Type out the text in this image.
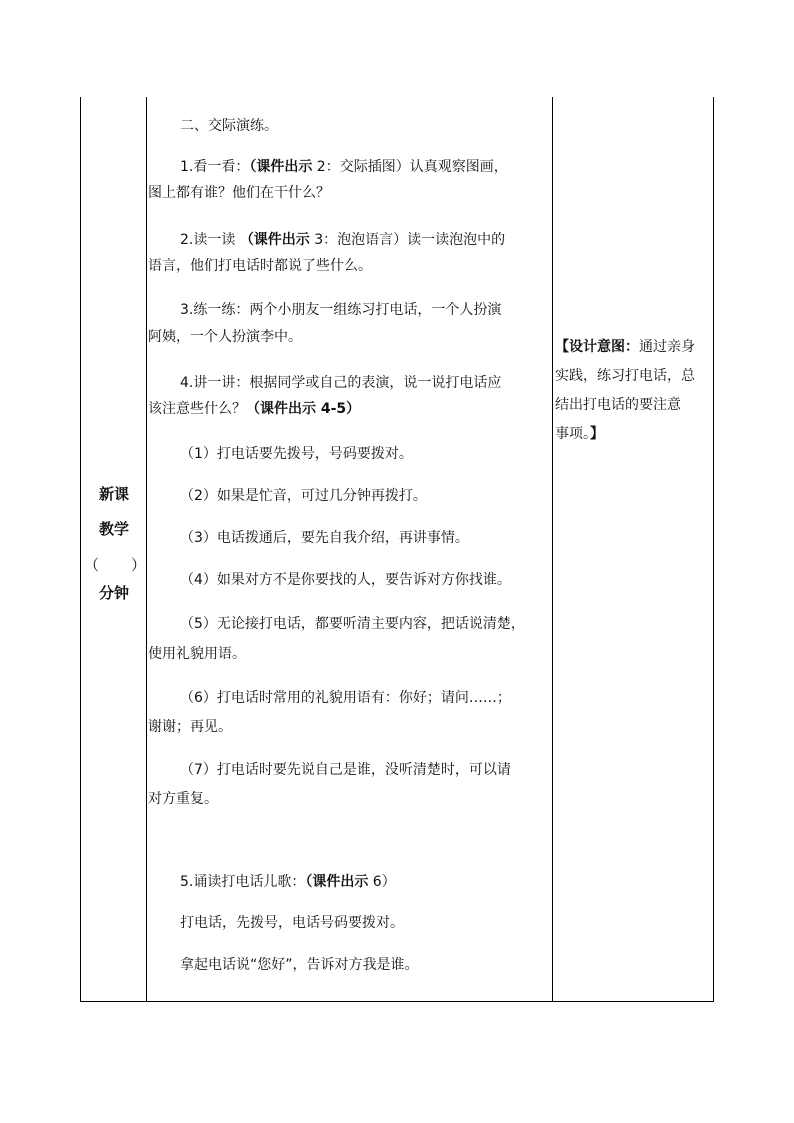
新课
教学
（ ）
分钟

二、交际演练。

1.看一看：（课件出示 2：交际插图）认真观察图画，

图上都有谁？他们在干什么？

2.读一读 （课件出示 3：泡泡语言）读一读泡泡中的

语言，他们打电话时都说了些什么。

3.练一练：两个小朋友一组练习打电话，一个人扮演

阿姨，一个人扮演李中。

4.讲一讲：根据同学或自己的表演，说一说打电话应

该注意些什么？（课件出示 4-5）

（1）打电话要先拨号，号码要拨对。

（2）如果是忙音，可过几分钟再拨打。

（3）电话拨通后，要先自我介绍，再讲事情。

（4）如果对方不是你要找的人，要告诉对方你找谁。

（5）无论接打电话，都要听清主要内容，把话说清楚，

使用礼貌用语。

（6）打电话时常用的礼貌用语有：你好；请问……；

谢谢；再见。

（7）打电话时要先说自己是谁，没听清楚时，可以请

对方重复。

5.诵读打电话儿歌：（课件出示 6）

打电话，先拨号，电话号码要拨对。

拿起电话说“您好”，告诉对方我是谁。

【设计意图：通过亲身
实践，练习打电话，总
结出打电话的要注意
事项。】
